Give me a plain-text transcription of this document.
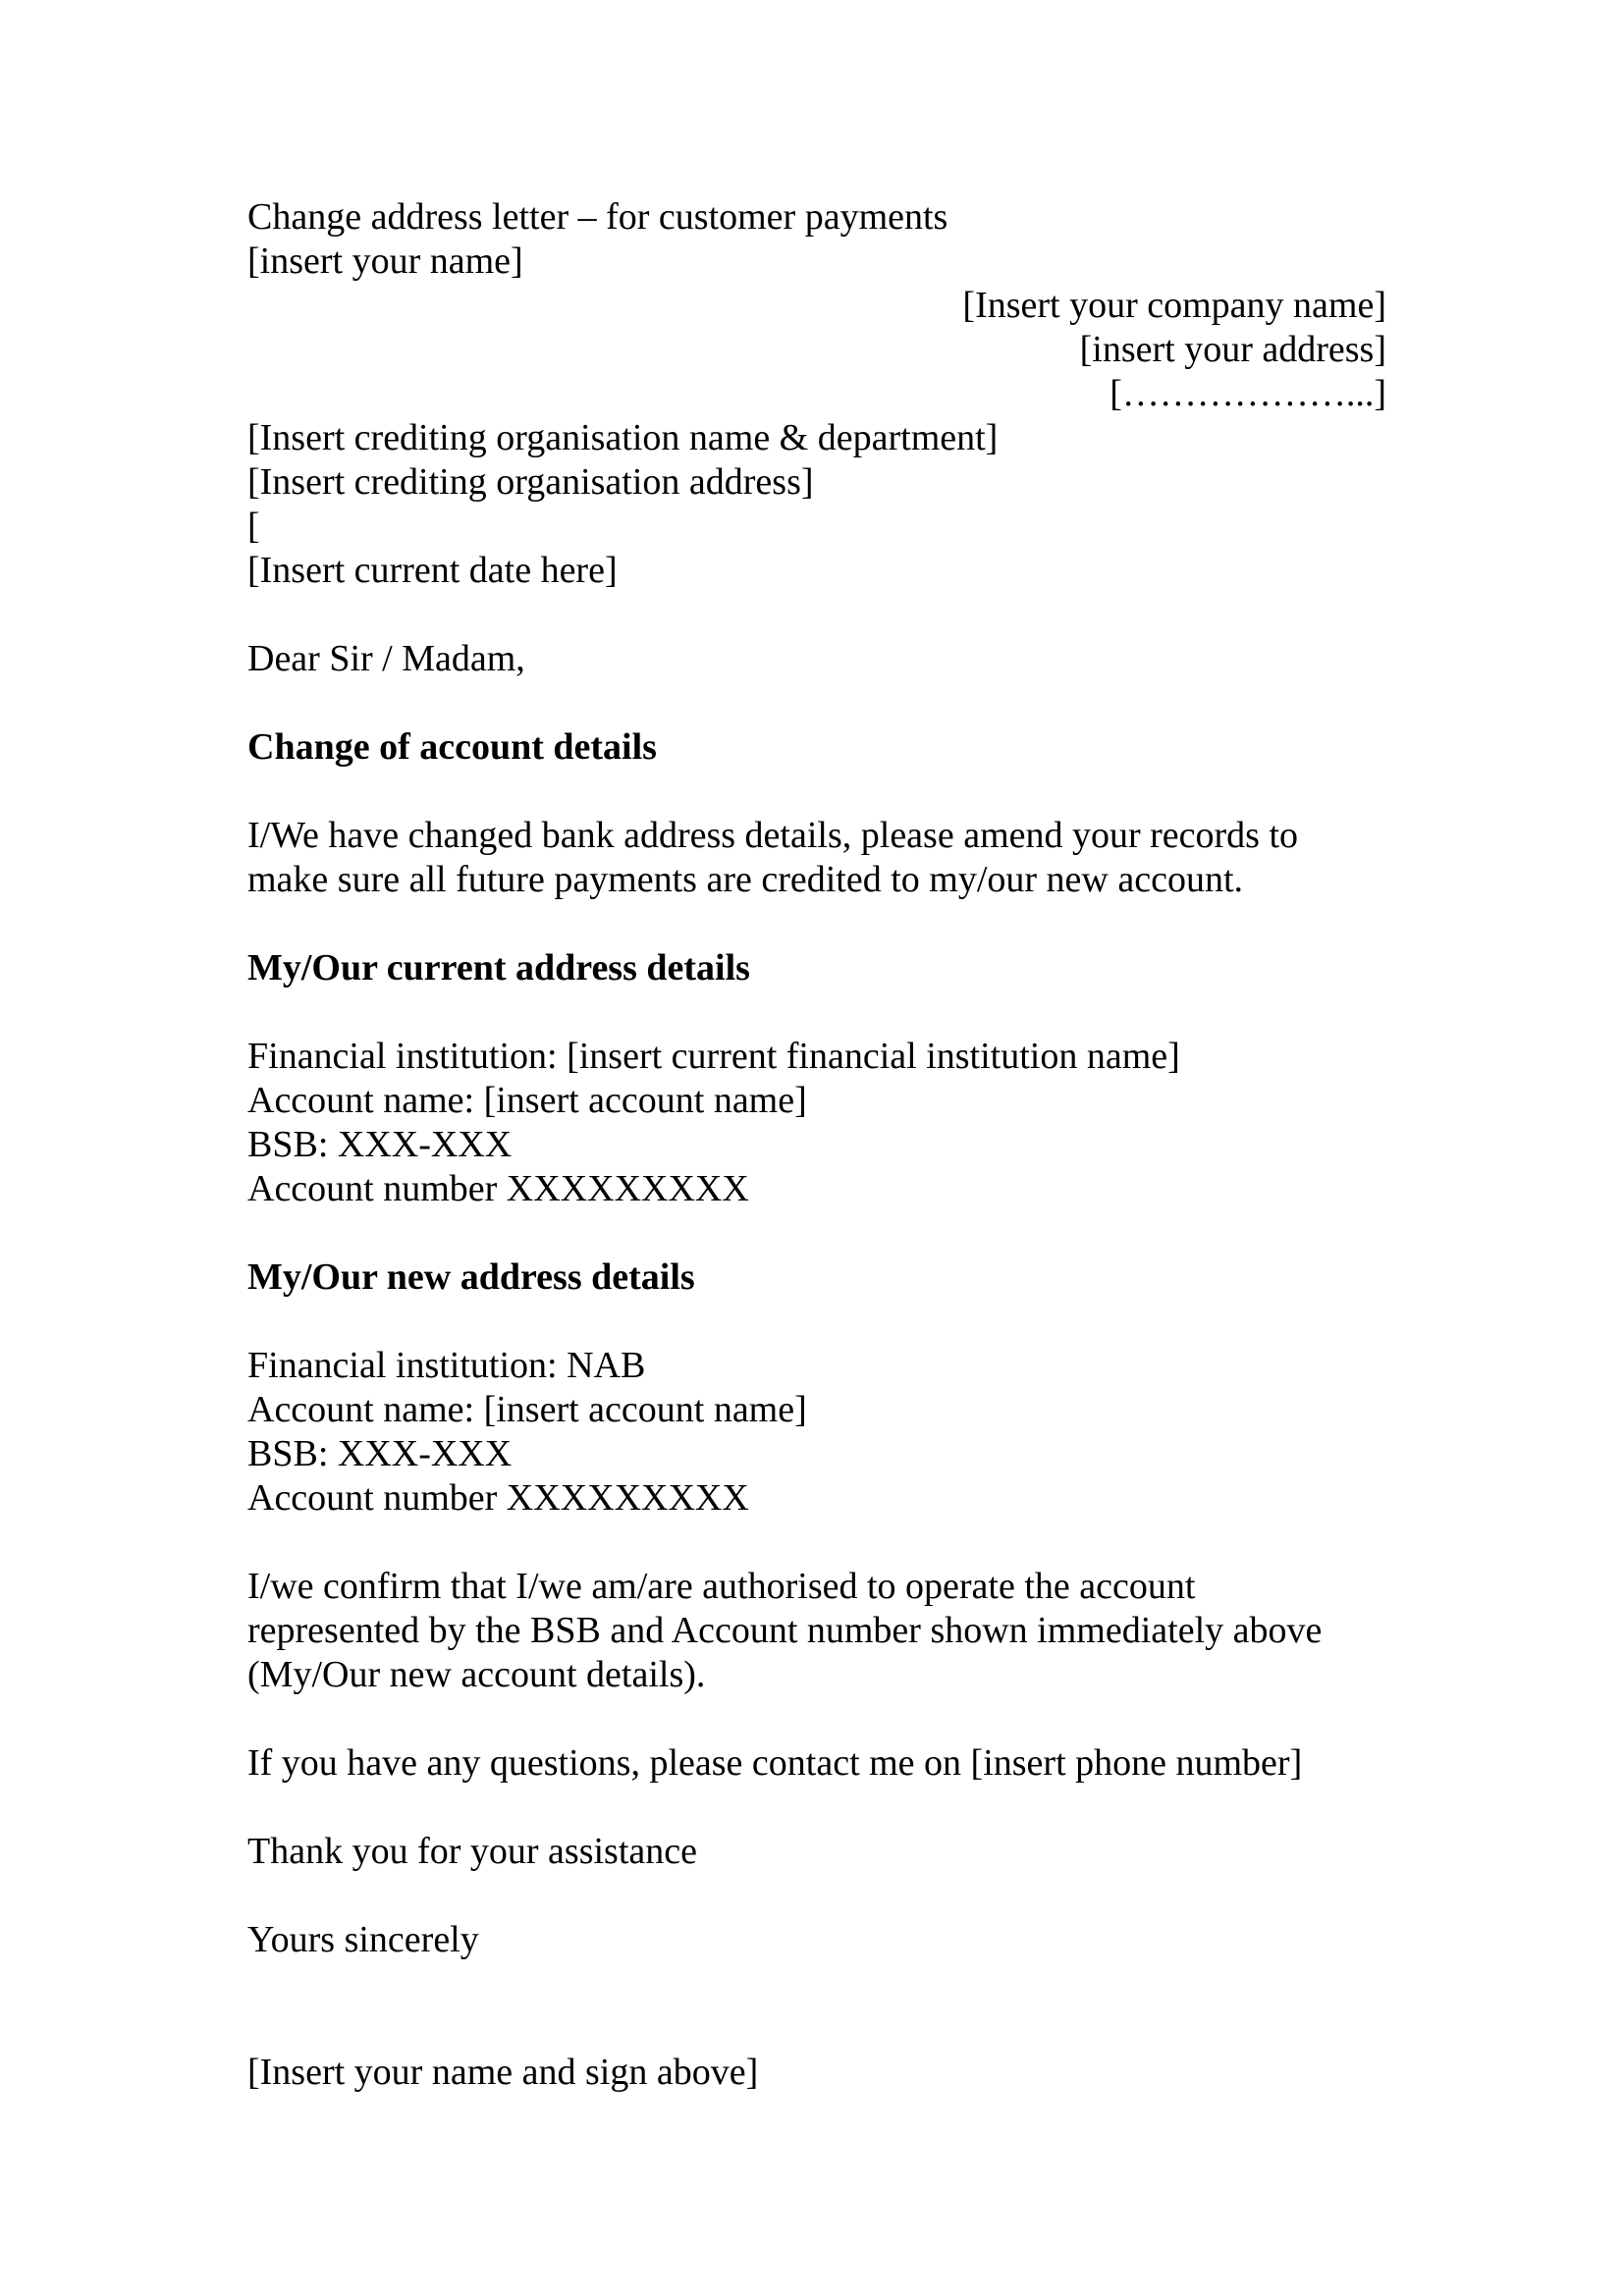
Change address letter – for customer payments
[insert your name]
[Insert your company name]
[insert your address]
[………………...]
[Insert crediting organisation name & department]
[Insert crediting organisation address]
[
[Insert current date here]
Dear Sir / Madam,
Change of account details
I/We have changed bank address details, please amend your records to
make sure all future payments are credited to my/our new account.
My/Our current address details
Financial institution: [insert current financial institution name]
Account name: [insert account name]
BSB: XXX-XXX
Account number XXXXXXXXX
My/Our new address details
Financial institution: NAB
Account name: [insert account name]
BSB: XXX-XXX
Account number XXXXXXXXX
I/we confirm that I/we am/are authorised to operate the account
represented by the BSB and Account number shown immediately above
(My/Our new account details).
If you have any questions, please contact me on [insert phone number]
Thank you for your assistance
Yours sincerely
[Insert your name and sign above]
